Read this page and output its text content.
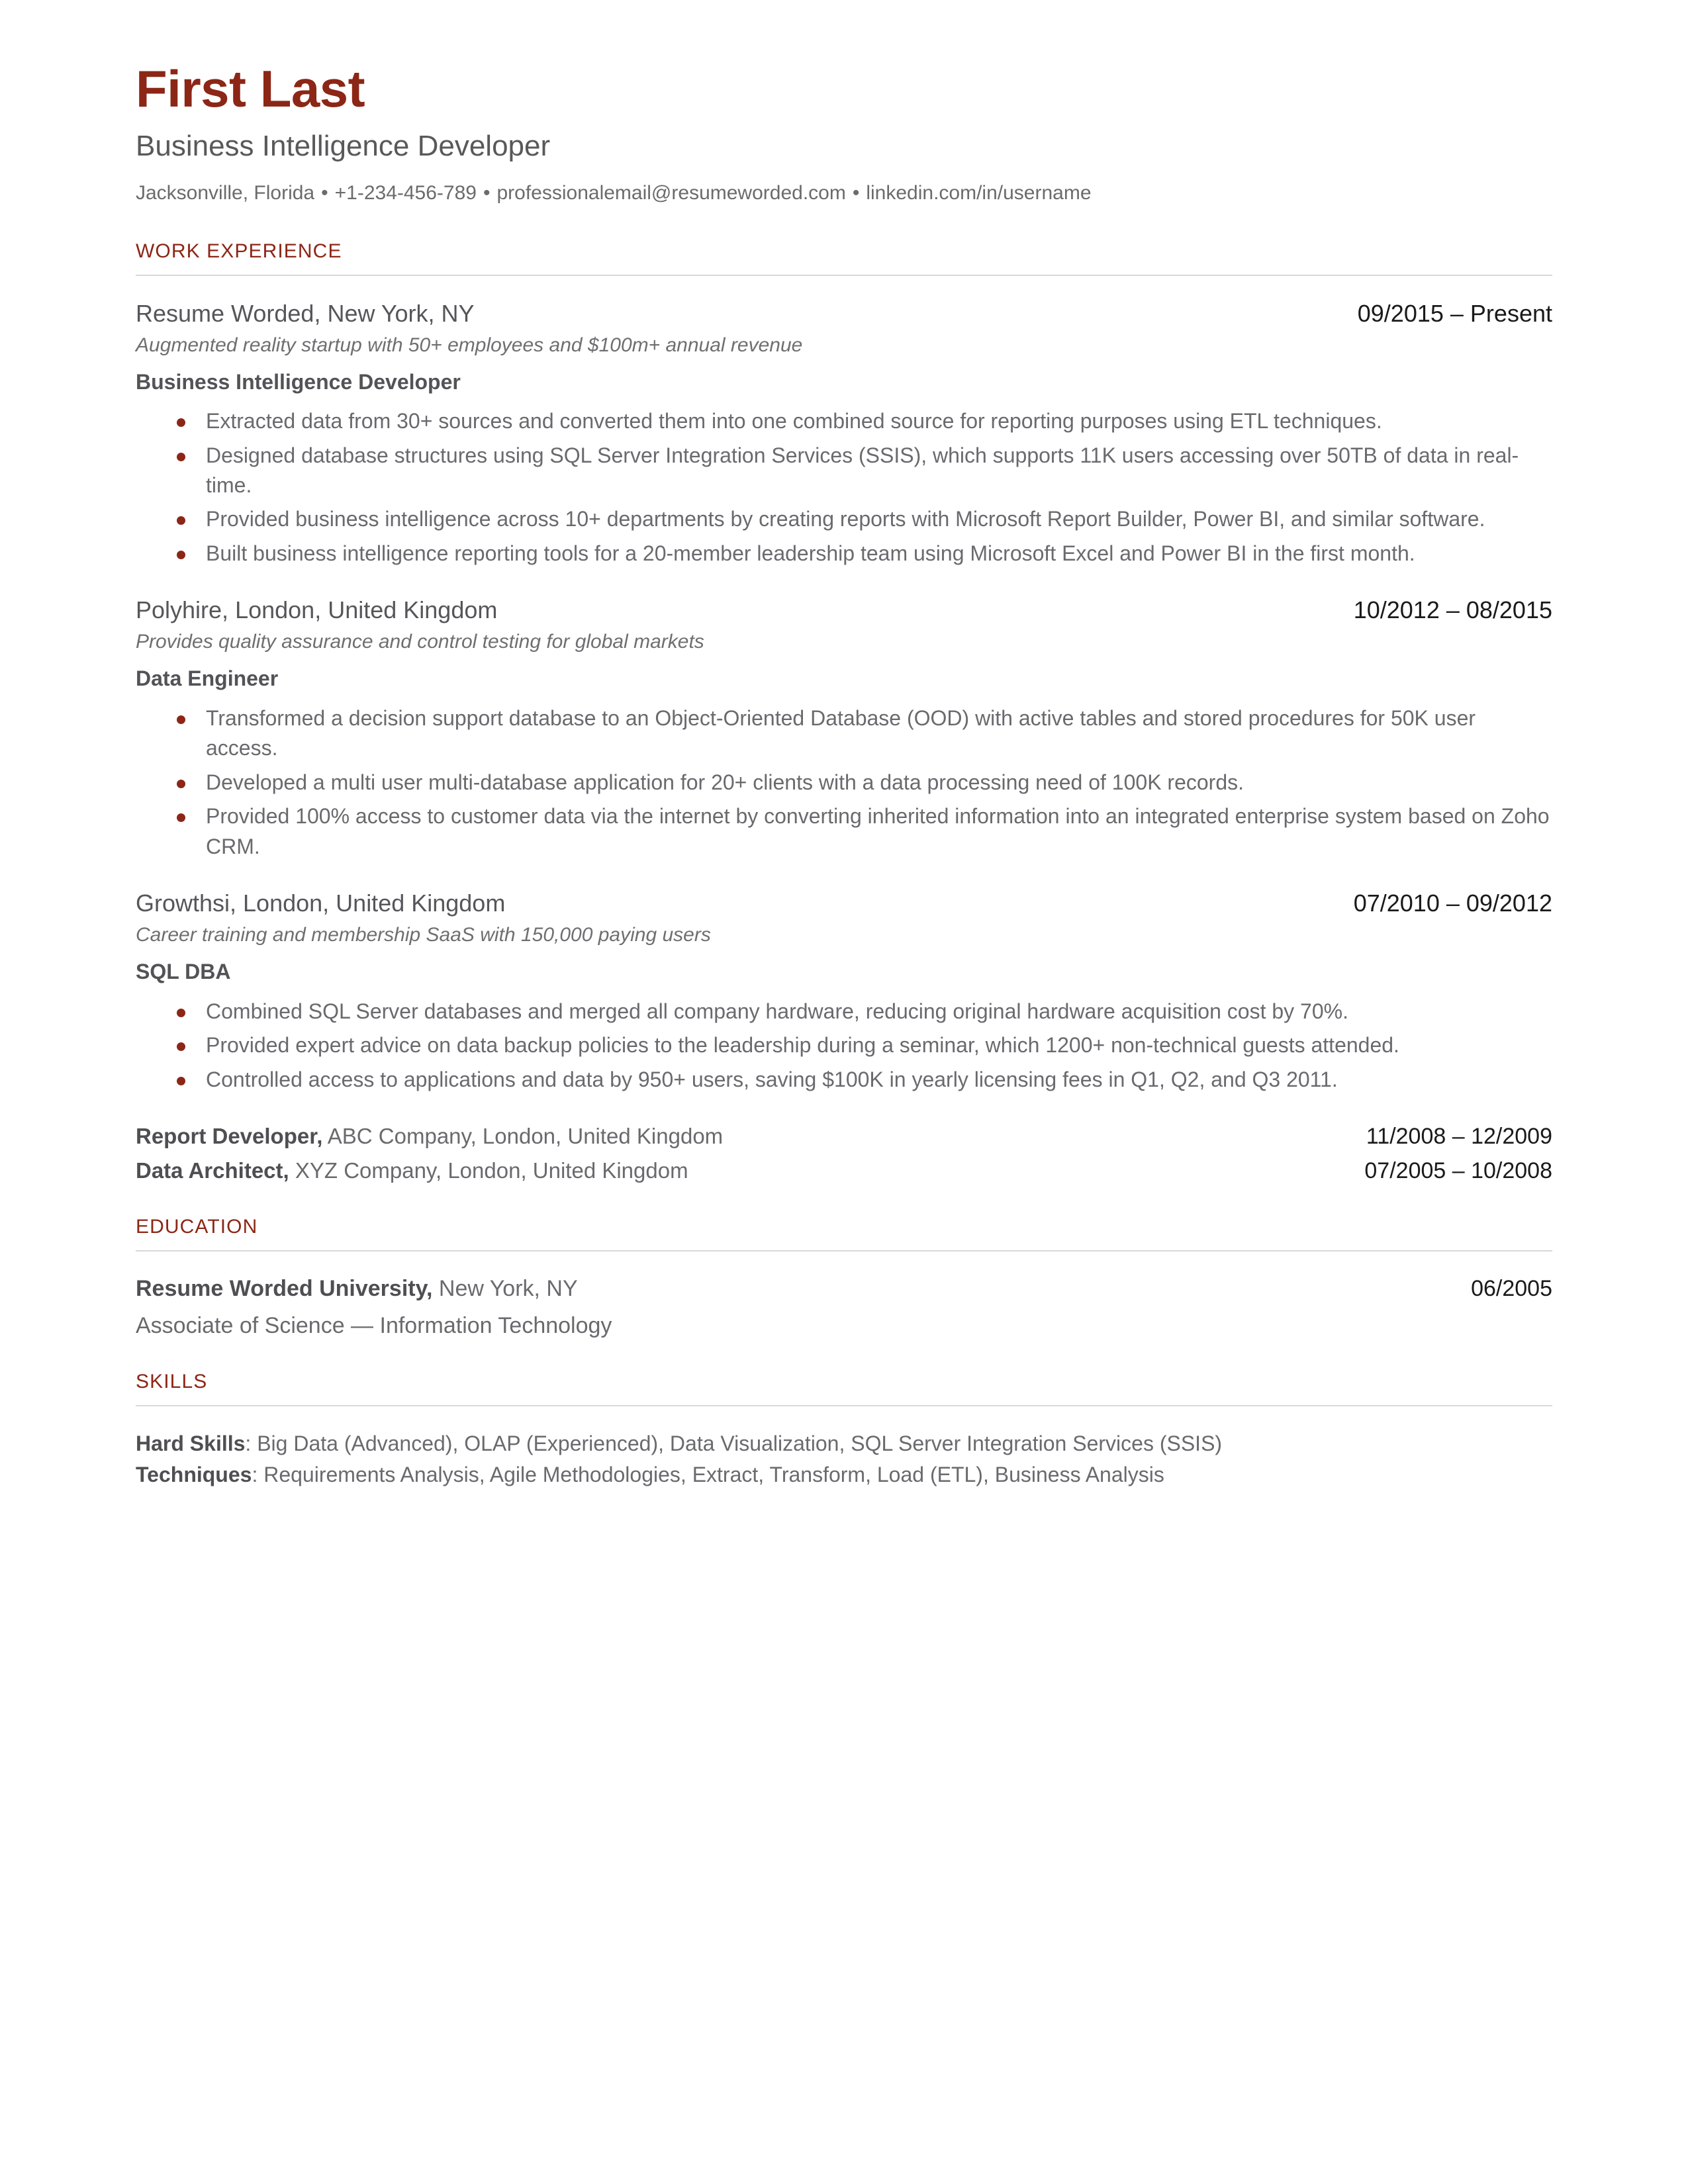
First Last
Business Intelligence Developer
Jacksonville, Florida • +1-234-456-789 • professionalemail@resumeworded.com • linkedin.com/in/username
WORK EXPERIENCE
Resume Worded, New York, NY	09/2015 – Present
Augmented reality startup with 50+ employees and $100m+ annual revenue
Business Intelligence Developer
Extracted data from 30+ sources and converted them into one combined source for reporting purposes using ETL techniques.
Designed database structures using SQL Server Integration Services (SSIS), which supports 11K users accessing over 50TB of data in real-time.
Provided business intelligence across 10+ departments by creating reports with Microsoft Report Builder, Power BI, and similar software.
Built business intelligence reporting tools for a 20-member leadership team using Microsoft Excel and Power BI in the first month.
Polyhire, London, United Kingdom	10/2012 – 08/2015
Provides quality assurance and control testing for global markets
Data Engineer
Transformed a decision support database to an Object-Oriented Database (OOD) with active tables and stored procedures for 50K user access.
Developed a multi user multi-database application for 20+ clients with a data processing need of 100K records.
Provided 100% access to customer data via the internet by converting inherited information into an integrated enterprise system based on Zoho CRM.
Growthsi, London, United Kingdom	07/2010 – 09/2012
Career training and membership SaaS with 150,000 paying users
SQL DBA
Combined SQL Server databases and merged all company hardware, reducing original hardware acquisition cost by 70%.
Provided expert advice on data backup policies to the leadership during a seminar, which 1200+ non-technical guests attended.
Controlled access to applications and data by 950+ users, saving $100K in yearly licensing fees in Q1, Q2, and Q3 2011.
Report Developer, ABC Company, London, United Kingdom	11/2008 – 12/2009
Data Architect, XYZ Company, London, United Kingdom	07/2005 – 10/2008
EDUCATION
Resume Worded University, New York, NY	06/2005
Associate of Science — Information Technology
SKILLS
Hard Skills: Big Data (Advanced), OLAP (Experienced), Data Visualization, SQL Server Integration Services (SSIS)
Techniques: Requirements Analysis, Agile Methodologies, Extract, Transform, Load (ETL), Business Analysis
